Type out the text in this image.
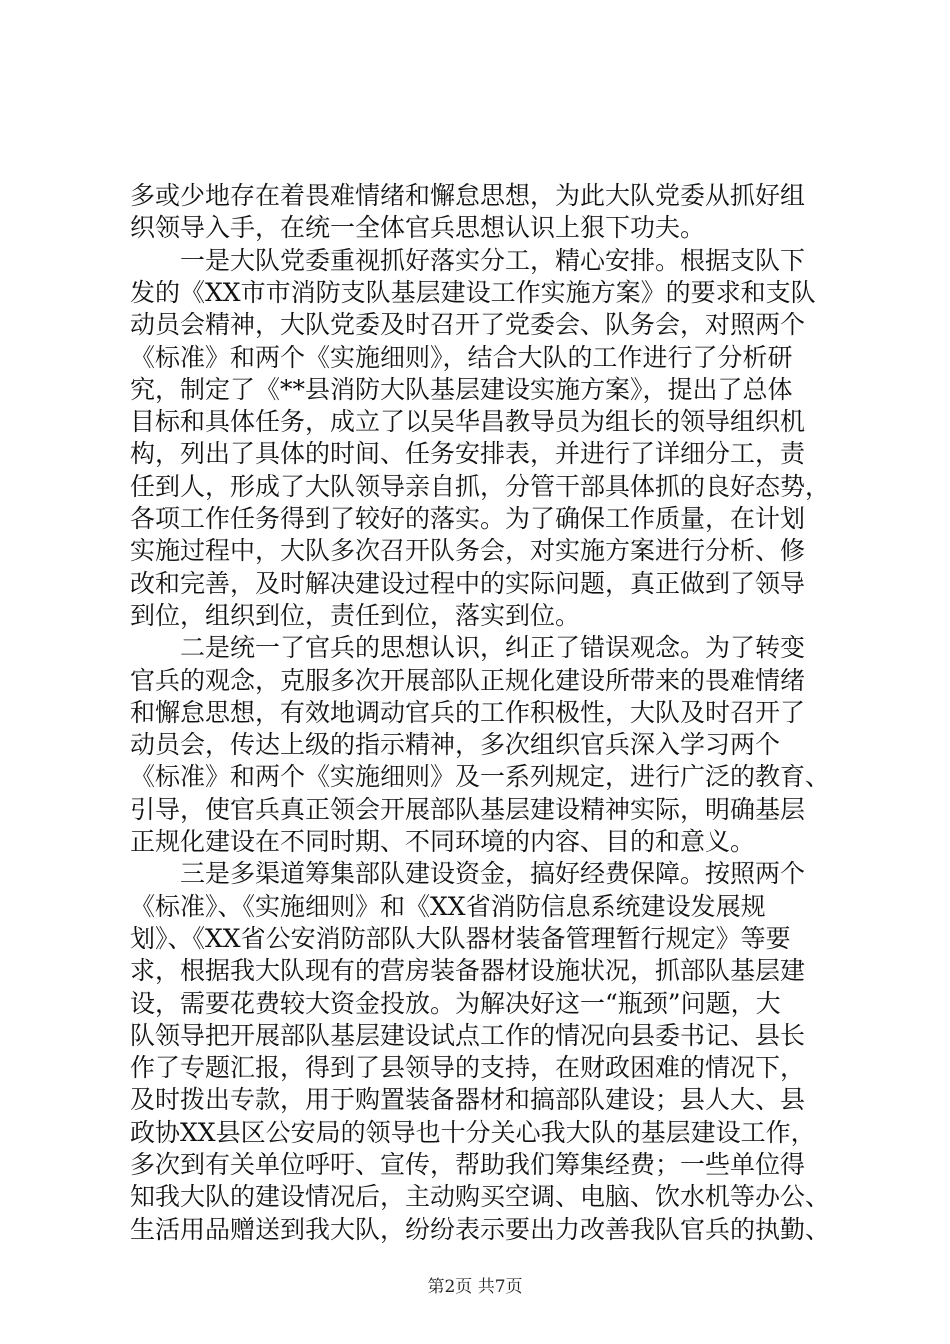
多或少地存在着畏难情绪和懈怠思想，为此大队党委从抓好组
织领导入手，在统一全体官兵思想认识上狠下功夫。
　　一是大队党委重视抓好落实分工，精心安排。根据支队下
发的《XX市市消防支队基层建设工作实施方案》的要求和支队
动员会精神，大队党委及时召开了党委会、队务会，对照两个
《标准》和两个《实施细则》，结合大队的工作进行了分析研
究，制定了《**县消防大队基层建设实施方案》，提出了总体
目标和具体任务，成立了以吴华昌教导员为组长的领导组织机
构，列出了具体的时间、任务安排表，并进行了详细分工，责
任到人，形成了大队领导亲自抓，分管干部具体抓的良好态势，
各项工作任务得到了较好的落实。为了确保工作质量，在计划
实施过程中，大队多次召开队务会，对实施方案进行分析、修
改和完善，及时解决建设过程中的实际问题，真正做到了领导
到位，组织到位，责任到位，落实到位。
　　二是统一了官兵的思想认识，纠正了错误观念。为了转变
官兵的观念，克服多次开展部队正规化建设所带来的畏难情绪
和懈怠思想，有效地调动官兵的工作积极性，大队及时召开了
动员会，传达上级的指示精神，多次组织官兵深入学习两个
《标准》和两个《实施细则》及一系列规定，进行广泛的教育、
引导，使官兵真正领会开展部队基层建设精神实际，明确基层
正规化建设在不同时期、不同环境的内容、目的和意义。
　　三是多渠道筹集部队建设资金，搞好经费保障。按照两个
《标准》、《实施细则》和《XX省消防信息系统建设发展规
划》、《XX省公安消防部队大队器材装备管理暂行规定》等要
求，根据我大队现有的营房装备器材设施状况，抓部队基层建
设，需要花费较大资金投放。为解决好这一“瓶颈”问题，大
队领导把开展部队基层建设试点工作的情况向县委书记、县长
作了专题汇报，得到了县领导的支持，在财政困难的情况下，
及时拨出专款，用于购置装备器材和搞部队建设；县人大、县
政协XX县区公安局的领导也十分关心我大队的基层建设工作，
多次到有关单位呼吁、宣传，帮助我们筹集经费；一些单位得
知我大队的建设情况后，主动购买空调、电脑、饮水机等办公、
生活用品赠送到我大队，纷纷表示要出力改善我队官兵的执勤、
第2页 共7页
